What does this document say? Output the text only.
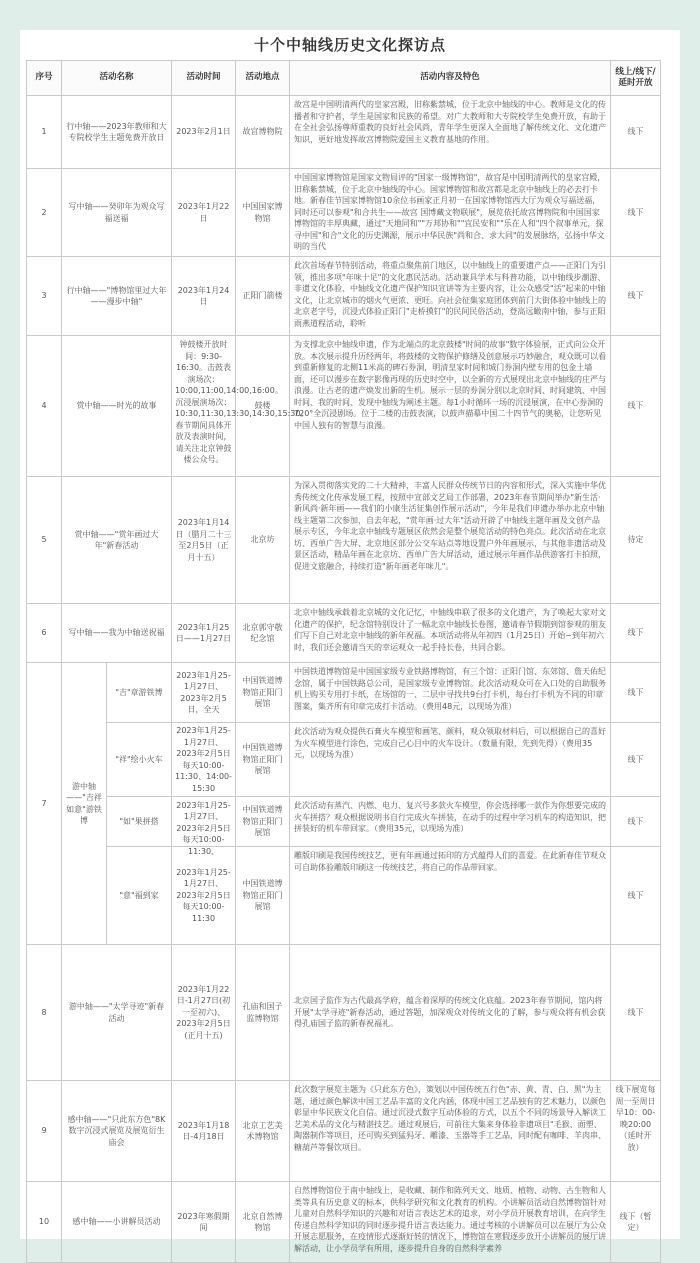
十个中轴线历史文化探访点
序号	活动名称		活动时间	活动地点	活动内容及特色	线上/线下/延时开放
1	行中轴——2023年教师和大专院校学生主题免费开放日		2023年2月1日	故宫博物院	故宫是中国明清两代的皇家宫殿，旧称紫禁城，位于北京中轴线的中心。教师是文化的传播者和守护者，学生是国家和民族的希望。对广大教师和大专院校学生免费开放，有助于在全社会弘扬尊师重教的良好社会风尚，青年学生更深入全面地了解传统文化、文化遗产知识，更好地发挥故宫博物院爱国主义教育基地的作用。	线下
2	写中轴——癸卯年为观众写福送福		2023年1月22日	中国国家博物馆	中国国家博物馆是国家文物局评的"国家一级博物馆"，故宫是中国明清两代的皇家宫殿，旧称紫禁城，位于北京中轴线的中心。国家博物馆和故宫都是北京中轴线上的必去打卡地。新春佳节国家博物馆10余位书画家正月初一在国家博物馆西大厅为观众写福送福，同时还可以参观"和合共生——故宫 国博藏文物联展"，展览依托故宫博物院和中国国家博物馆的丰厚典藏，通过"天地同和""万邦协和""宜民安和""乐在人和"四个叙事单元，探寻中国"和合"文化的历史渊源，展示中华民族"尚和合、求大同"的发展脉络，弘扬中华文明的当代	线下
3	行中轴——"博物馆里过大年——漫步中轴"		2023年1月24日	正阳门箭楼	此次首场春节特别活动，将重点聚焦前门地区，以中轴线上的重要遗产点——正阳门为引领，推出多项"年味十足"的文化惠民活动。活动兼具学术与科普功能，以中轴线步潮游、非遗文化体验、中轴线文化遗产保护知识宣讲等为主要内容，让公众感受"活"起来的中轴文化，让北京城市的烟火气更浓、更旺。向社会征集家庭团体到前门大街体验中轴线上的北京老字号，沉浸式体验正阳门"走桥摸钉"的民间民俗活动，登高远瞰南中轴，参与正阳雨燕道程活动，聆听	线下
4	赏中轴——时光的故事		钟鼓楼开放时间：9:30-16:30。击鼓表演场次：10:00,11:00,14:00,16:00。沉浸展演场次：10:30,11:30,13:30,14:30,15:30。春节期间具体开放及表演时间，请关注北京钟鼓楼公众号。	鼓楼	为支撑北京中轴线申遗，作为北端点的北京鼓楼"时间的故事"数字体验展，正式向公众开放。本次展示提升历经两年，将鼓楼的文物保护修缮及创意展示巧妙融合，观众既可以看到重新修复的北侧11米高的碑石券洞，明清皇家时间和城门券洞内壁专用的包金土墙面，还可以漫步在数字影像再现的历史时空中，以全新的方式展现出北京中轴线的庄严与浪漫。让古老的遗产焕发出新的生机。展示一层的券洞分别以北京时间、时间建筑、中国时间、我的时间、发现中轴线为阐述主题。每1小时循环一场的沉浸展演，在中心券洞的720°全沉浸剧场。位于二楼的击鼓表演，以鼓声描摹中国二十四节气的奥秘，让您听见中国人独有的智慧与浪漫。	线下
5	赏中轴——"赏年画过大年"新春活动		2023年1月14日（腊月二十三至2月5日（正月十五）	北京坊	为深入贯彻落实党的二十大精神，丰富人民群众传统节日的内容和形式，深入实施中华优秀传统文化传承发展工程，按照中宣部文艺局工作部署，2023年春节期间举办"新生活·新风尚·新年画——我们的小康生活征集创作展示活动"，今年是我们申遗办举办北京中轴线主题第二次参加，自去年起，"赏年画·过大年"活动开辟了中轴线主题年画及文创产品展示专区，今年北京中轴线专题展区依然会是整个展览活动的特色亮点。此次活动在北京坊、西单广告大屏、北京地区部分公交车站点等地设置户外年画展示，与其他非遗活动及景区活动，精品年画在北京坊、西单广告大屏活动，通过展示年画作品供游客打卡拍照，促进文旅融合，持续打造"新年画老年味儿"。	待定
6	写中轴——我为中轴送祝福		2023年1月25日——1月27日	北京郭守敬纪念馆	北京中轴线承载着北京城的文化记忆，中轴线串联了很多的文化遗产，为了唤起大家对文化遗产的保护，纪念馆特别设计了一幅北京中轴线长卷图，邀请春节假期到馆参观的朋友们写下自己对北京中轴线的新年祝福。本项活动将从年初四（1月25日）开始~到年初六时，我们还会邀请当天的幸运观众一起手持长卷，共同合影。	线下
7	游中轴——"吉祥如意"游铁博	"吉"章游铁博	2023年1月25-1月27日、2023年2月5日，全天	中国铁道博物馆正阳门展馆	中国铁道博物馆是中国国家级专业铁路博物馆，有三个馆：正阳门馆、东郊馆、詹天佑纪念馆，属于中国铁路总公司，是国家级专业博物馆。此次活动观众可在入口处的自助服务机上购买专用打卡纸，在场馆的一、二层中寻找共9台打卡机，每台打卡机为不同的印章图案，集齐所有印章完成打卡活动。（费用48元，以现场为准）	线下
		"祥"绘小火车	2023年1月25-1月27日、2023年2月5日 每天10:00-11:30、14:00-15:30	中国铁道博物馆正阳门展馆	此次活动为观众提供石膏火车模型和画笔、颜料，观众领取材料后，可以根据自己的喜好为火车模型进行涂色，完成自己心目中的火车设计。（数量有限，先到先得）（费用35元，以现场为准）	线下
		"如"果拼搭	2023年1月25-1月27日、2023年2月5日 每天10:00-11:30、	中国铁道博物馆正阳门展馆	此次活动有蒸汽、内燃、电力、复兴号多款火车模型，你会选择哪一款作为你想要完成的火车拼搭？观众根据说明书自行完成火车拼装，在动手的过程中学习机车的构造知识，把拼装好的机车带回家。（费用35元，以现场为准）	线下
		"意"福到家	2023年1月25-1月27日、2023年2月5日 每天10:00-11:30	中国铁道博物馆正阳门展馆	雕版印刷是我国传统技艺，更有年画通过拓印的方式蕴得人们的喜爱。在此新春佳节观众可自助体验雕版印刷这一传统技艺，将自己的作品带回家。	线下
8	游中轴——"太学寻迹"新春活动		2023年1月22日-1月27日(初一至初六)、2023年2月5日(正月十五)	孔庙和国子监博物馆	北京国子监作为古代最高学府，蕴含着深厚的传统文化底蕴。2023年春节期间，馆内将开展"太学寻迹"新春活动，通过答题，加深观众对传统文化的了解，参与观众将有机会获得孔庙国子监的新春祝福礼。	线下
9	感中轴——"只此东方色"8K数字沉浸式展览及展览衍生庙会		2023年1月18日-4月18日	北京工艺美术博物馆	此次数字展览主题为《只此东方色》，策划以中国传统五行色"赤、黄、青、白、黑"为主题，通过颜色解读中国工艺品丰富的文化内涵，体现中国工艺品独有的艺术魅力，以颜色彰显中华民族文化自信。通过沉浸式数字互动体验的方式，以五个不同的场景导入解读工艺美术品的文化与精湛技艺。通过观展后，可前往大集来身体验非遗项目"毛猴、面塑、陶器制作等项目，还可购买到猛犸牙、雕漆、玉器等手工艺品，同时配有咖啡、羊肉串、糖葫芦等餐饮项目。	线下展览每周一至周日早10：00-晚20:00（延时开放）

10	感中轴——小讲解员活动		2023年寒假期间	北京自然博物馆	自然博物馆位于南中轴线上，是收藏、制作和陈列天文、地质、植物、动物、古生物和人类等具有历史意义的标本，供科学研究和文化教育的机构。小讲解员活动自然博物馆针对儿童对自然科学知识的兴趣和对语言表达艺术的追求，对小学员开展教育培训，在向学生传递自然科学知识的同时逐步提升语言表达能力。通过考核的小讲解员可以在展厅为公众开展志愿服务，在疫情形式逐渐好转的情况下，博物馆在寒假逐步放开小讲解员的展厅讲解活动，让小学员学有所用，逐步提升自身的自然科学素养	线下（暂定）
